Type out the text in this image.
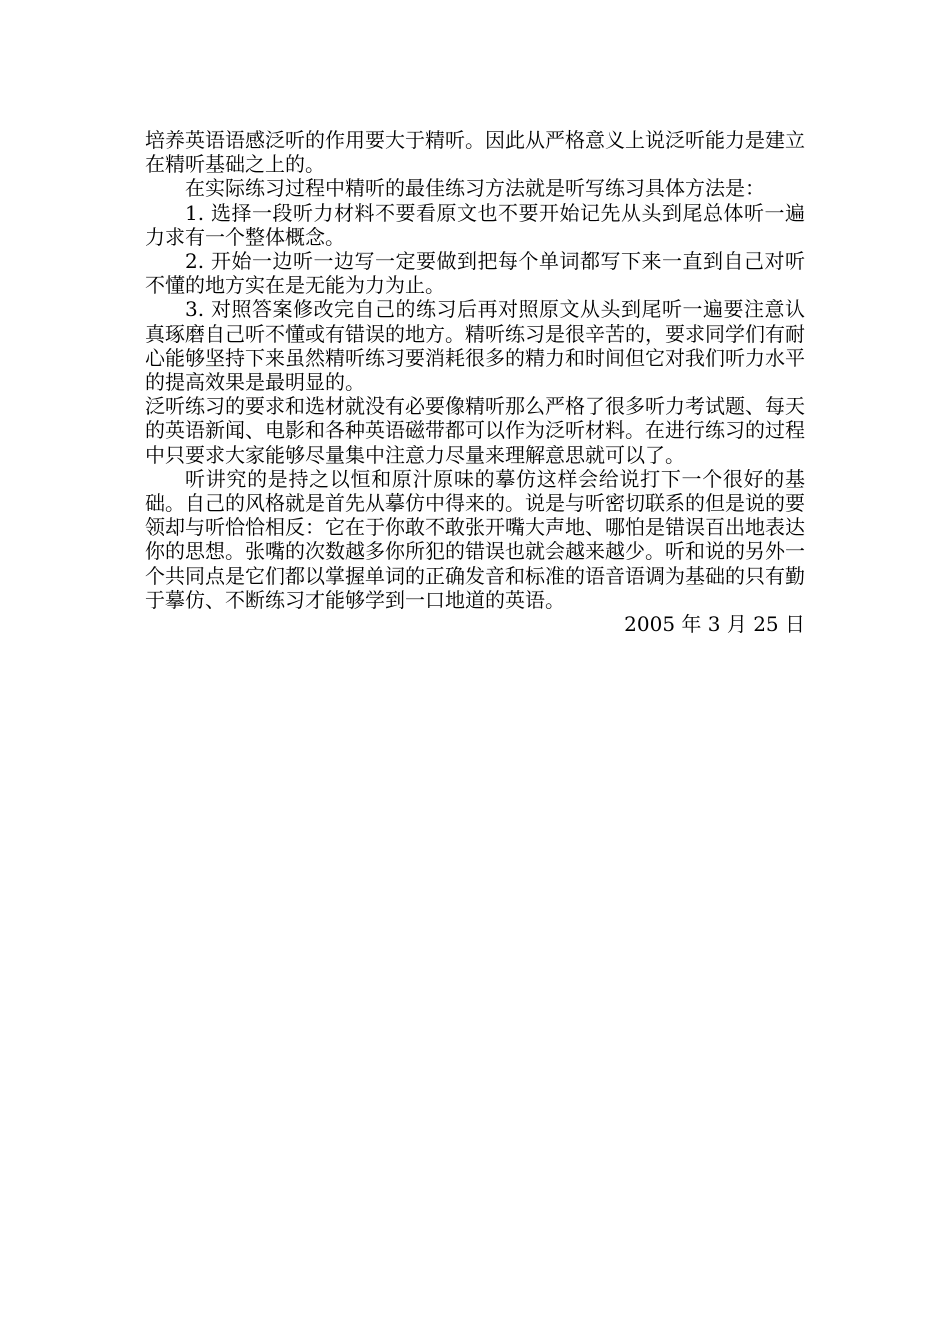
培养英语语感泛听的作用要大于精听。因此从严格意义上说泛听能力是建立在精听基础之上的。

在实际练习过程中精听的最佳练习方法就是听写练习具体方法是：

1. 选择一段听力材料不要看原文也不要开始记先从头到尾总体听一遍力求有一个整体概念。

2. 开始一边听一边写一定要做到把每个单词都写下来一直到自己对听不懂的地方实在是无能为力为止。

3. 对照答案修改完自己的练习后再对照原文从头到尾听一遍要注意认真琢磨自己听不懂或有错误的地方。精听练习是很辛苦的，要求同学们有耐心能够坚持下来虽然精听练习要消耗很多的精力和时间但它对我们听力水平的提高效果是最明显的。

泛听练习的要求和选材就没有必要像精听那么严格了很多听力考试题、每天的英语新闻、电影和各种英语磁带都可以作为泛听材料。在进行练习的过程中只要求大家能够尽量集中注意力尽量来理解意思就可以了。

听讲究的是持之以恒和原汁原味的摹仿这样会给说打下一个很好的基础。自己的风格就是首先从摹仿中得来的。说是与听密切联系的但是说的要领却与听恰恰相反：它在于你敢不敢张开嘴大声地、哪怕是错误百出地表达你的思想。张嘴的次数越多你所犯的错误也就会越来越少。听和说的另外一个共同点是它们都以掌握单词的正确发音和标准的语音语调为基础的只有勤于摹仿、不断练习才能够学到一口地道的英语。

2005 年 3 月 25 日
